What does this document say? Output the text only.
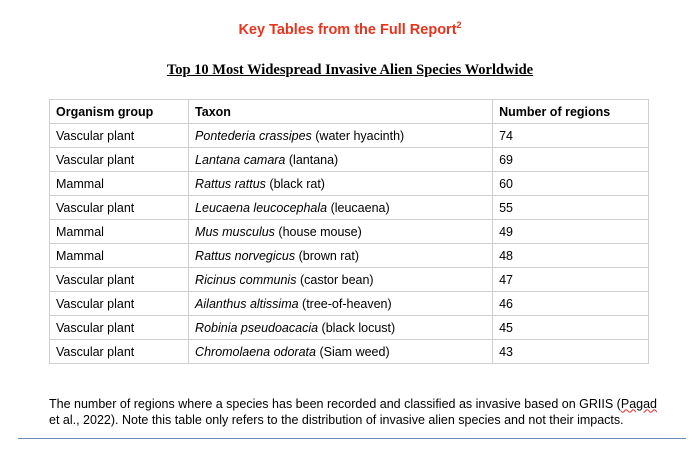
Key Tables from the Full Report$^2$
Top 10 Most Widespread Invasive Alien Species Worldwide
Organism group	Taxon	Number of regions
Vascular plant	Pontederia crassipes (water hyacinth)	74
Vascular plant	Lantana camara (lantana)	69
Mammal	Rattus rattus (black rat)	60
Vascular plant	Leucaena leucocephala (leucaena)	55
Mammal	Mus musculus (house mouse)	49
Mammal	Rattus norvegicus (brown rat)	48
Vascular plant	Ricinus communis (castor bean)	47
Vascular plant	Ailanthus altissima (tree-of-heaven)	46
Vascular plant	Robinia pseudoacacia (black locust)	45
Vascular plant	Chromolaena odorata (Siam weed)	43

The number of regions where a species has been recorded and classified as invasive based on GRIIS (Pagad et al., 2022). Note this table only refers to the distribution of invasive alien species and not their impacts.
